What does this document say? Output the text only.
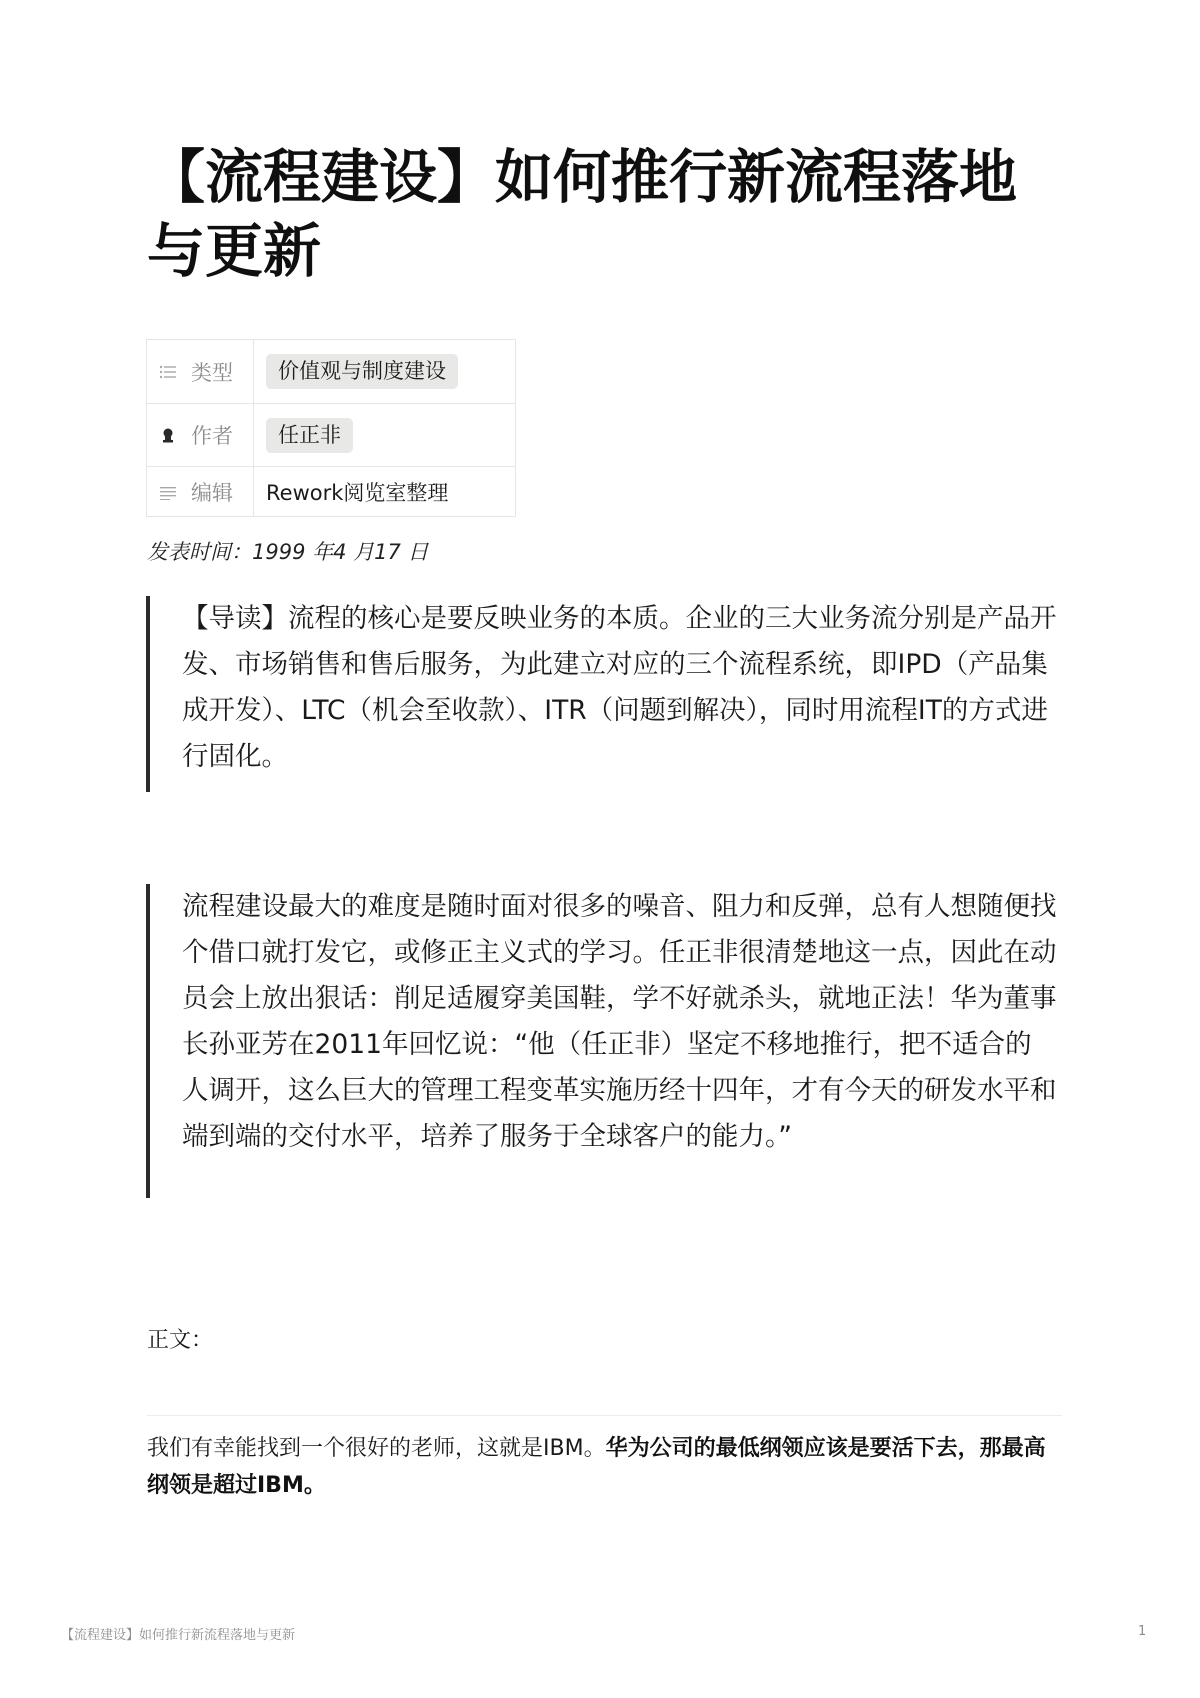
【流程建设】如何推行新流程落地与更新
类型	价值观与制度建设

作者	任正非

编辑	Rework阅览室整理
发表时间：1999 年4 月17 日

【导读】流程的核心是要反映业务的本质。企业的三大业务流分别是产品开发、市场销售和售后服务，为此建立对应的三个流程系统，即IPD（产品集成开发）、LTC（机会至收款）、ITR（问题到解决），同时用流程IT的方式进行固化。

流程建设最大的难度是随时面对很多的噪音、阻力和反弹，总有人想随便找个借口就打发它，或修正主义式的学习。任正非很清楚地这一点，因此在动员会上放出狠话：削足适履穿美国鞋，学不好就杀头，就地正法！华为董事长孙亚芳在2011年回忆说：“他（任正非）坚定不移地推行，把不适合的人调开，这么巨大的管理工程变革实施历经十四年，才有今天的研发水平和端到端的交付水平，培养了服务于全球客户的能力。”

正文：

我们有幸能找到一个很好的老师，这就是IBM。华为公司的最低纲领应该是要活下去，那最高纲领是超过IBM。

【流程建设】如何推行新流程落地与更新	1
